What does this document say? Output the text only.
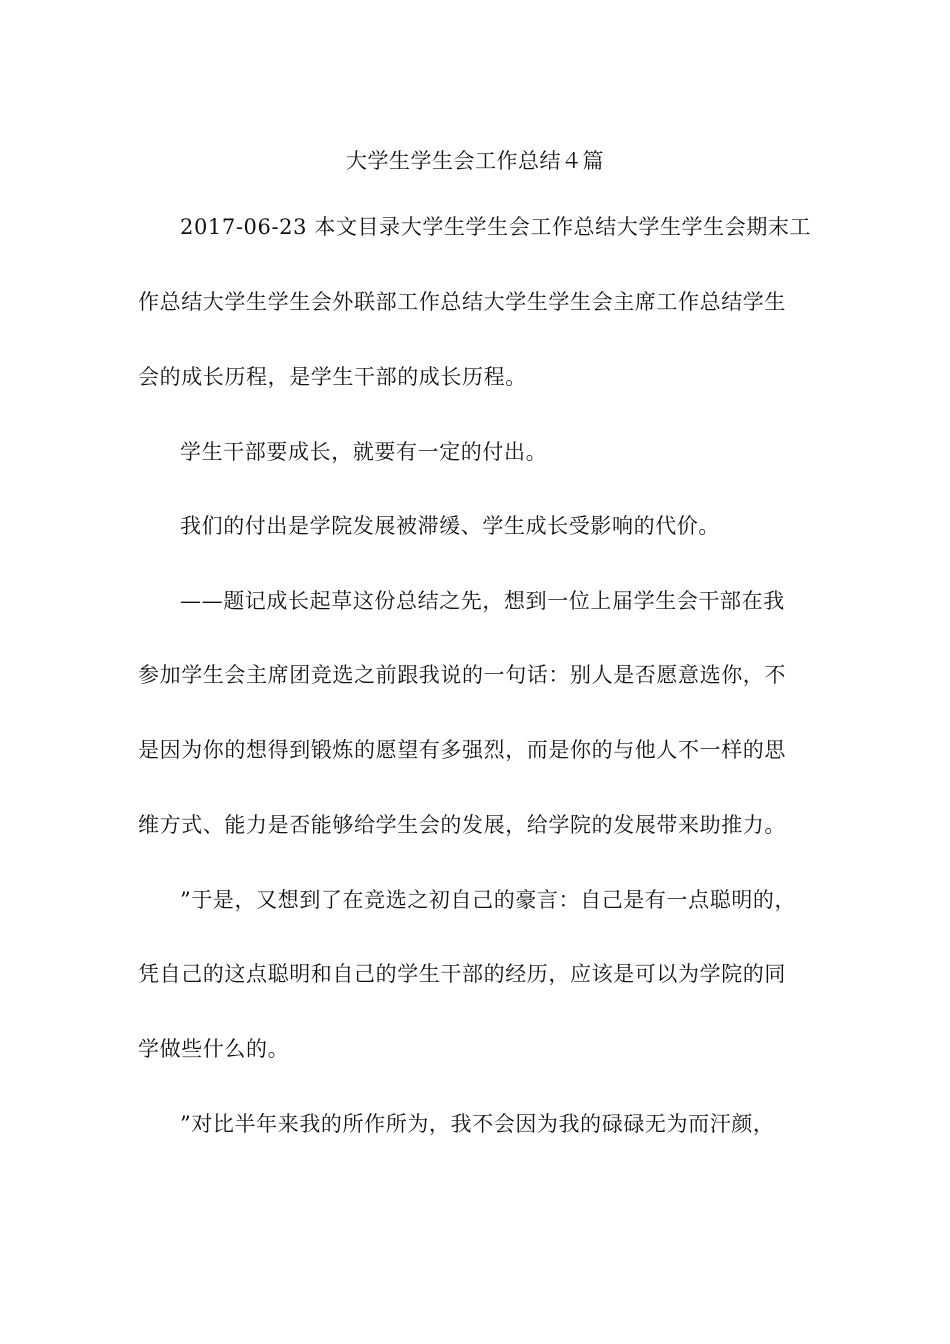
大学生学生会工作总结４篇
2017-06-23 本文目录大学生学生会工作总结大学生学生会期末工
作总结大学生学生会外联部工作总结大学生学生会主席工作总结学生
会的成长历程，是学生干部的成长历程。
学生干部要成长，就要有一定的付出。
我们的付出是学院发展被滞缓、学生成长受影响的代价。
——题记成长起草这份总结之先，想到一位上届学生会干部在我
参加学生会主席团竞选之前跟我说的一句话：别人是否愿意选你，不
是因为你的想得到锻炼的愿望有多强烈，而是你的与他人不一样的思
维方式、能力是否能够给学生会的发展，给学院的发展带来助推力。
”于是，又想到了在竞选之初自己的豪言：自己是有一点聪明的，
凭自己的这点聪明和自己的学生干部的经历，应该是可以为学院的同
学做些什么的。
”对比半年来我的所作所为，我不会因为我的碌碌无为而汗颜，
